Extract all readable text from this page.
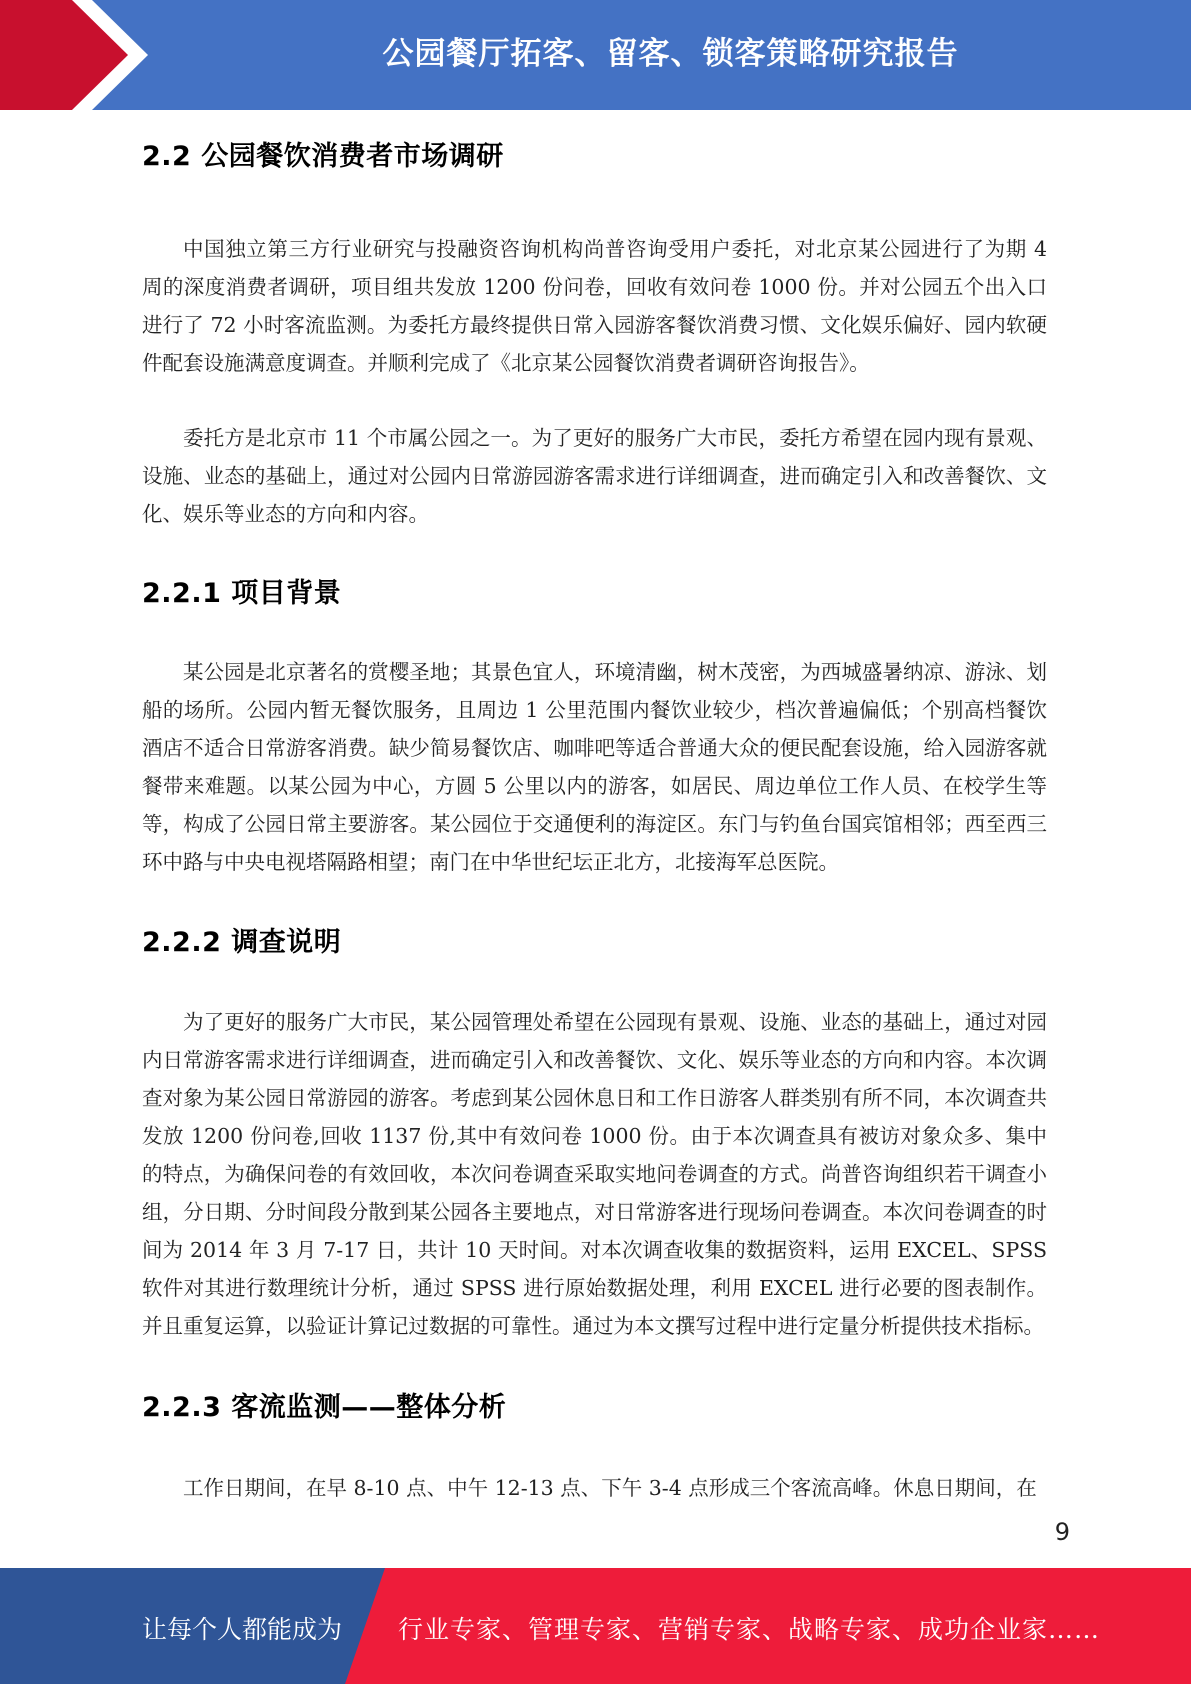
公园餐厅拓客、留客、锁客策略研究报告
2.2 公园餐饮消费者市场调研

中国独立第三方行业研究与投融资咨询机构尚普咨询受用户委托，对北京某公园进行了为期 4 周的深度消费者调研，项目组共发放 1200 份问卷，回收有效问卷 1000 份。并对公园五个出入口进行了 72 小时客流监测。为委托方最终提供日常入园游客餐饮消费习惯、文化娱乐偏好、园内软硬件配套设施满意度调查。并顺利完成了《北京某公园餐饮消费者调研咨询报告》。

委托方是北京市 11 个市属公园之一。为了更好的服务广大市民，委托方希望在园内现有景观、设施、业态的基础上，通过对公园内日常游园游客需求进行详细调查，进而确定引入和改善餐饮、文化、娱乐等业态的方向和内容。

2.2.1 项目背景

某公园是北京著名的赏樱圣地；其景色宜人，环境清幽，树木茂密，为西城盛暑纳凉、游泳、划船的场所。公园内暂无餐饮服务，且周边 1 公里范围内餐饮业较少，档次普遍偏低；个别高档餐饮酒店不适合日常游客消费。缺少简易餐饮店、咖啡吧等适合普通大众的便民配套设施，给入园游客就餐带来难题。以某公园为中心，方圆 5 公里以内的游客，如居民、周边单位工作人员、在校学生等等，构成了公园日常主要游客。某公园位于交通便利的海淀区。东门与钓鱼台国宾馆相邻；西至西三环中路与中央电视塔隔路相望；南门在中华世纪坛正北方，北接海军总医院。

2.2.2 调查说明

为了更好的服务广大市民，某公园管理处希望在公园现有景观、设施、业态的基础上，通过对园内日常游客需求进行详细调查，进而确定引入和改善餐饮、文化、娱乐等业态的方向和内容。本次调查对象为某公园日常游园的游客。考虑到某公园休息日和工作日游客人群类别有所不同，本次调查共发放 1200 份问卷,回收 1137 份,其中有效问卷 1000 份。由于本次调查具有被访对象众多、集中的特点，为确保问卷的有效回收，本次问卷调查采取实地问卷调查的方式。尚普咨询组织若干调查小组，分日期、分时间段分散到某公园各主要地点，对日常游客进行现场问卷调查。本次问卷调查的时间为 2014 年 3 月 7-17 日，共计 10 天时间。对本次调查收集的数据资料，运用 EXCEL、SPSS 软件对其进行数理统计分析，通过 SPSS 进行原始数据处理，利用 EXCEL 进行必要的图表制作。并且重复运算，以验证计算记过数据的可靠性。通过为本文撰写过程中进行定量分析提供技术指标。

2.2.3 客流监测——整体分析

工作日期间，在早 8-10 点、中午 12-13 点、下午 3-4 点形成三个客流高峰。休息日期间，在

9
让每个人都能成为 行业专家、管理专家、营销专家、战略专家、成功企业家……
